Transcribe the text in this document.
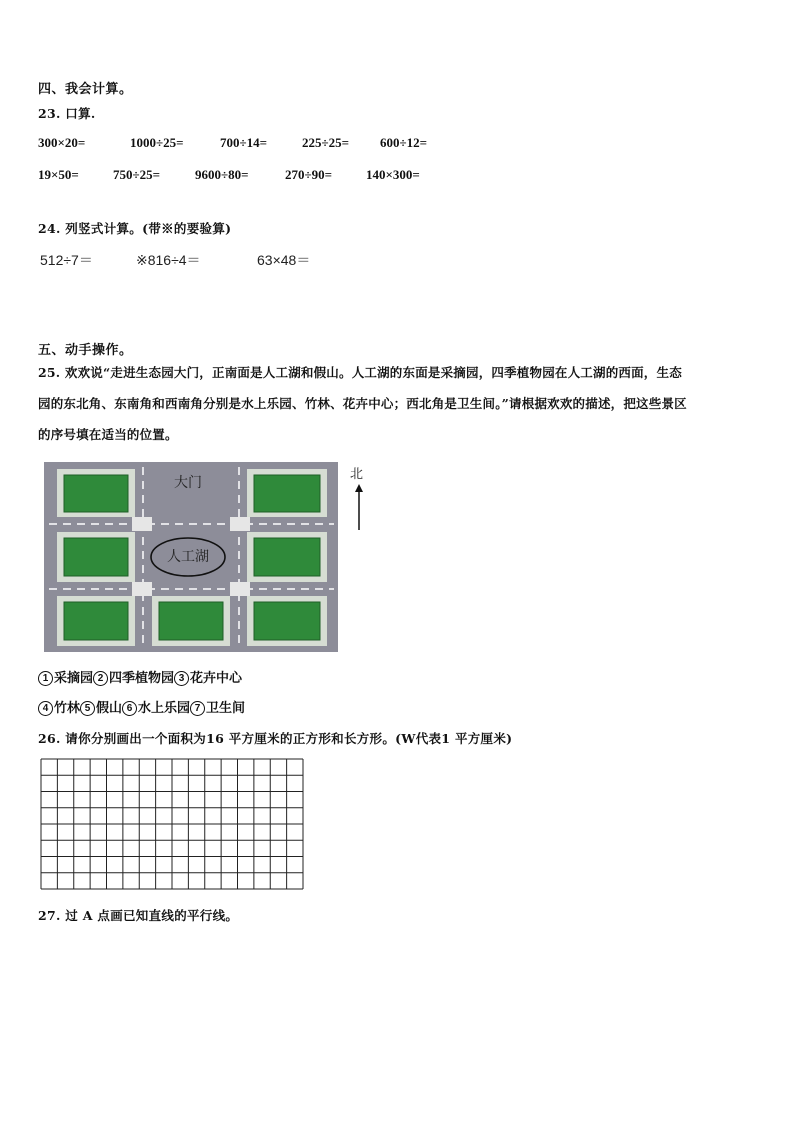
四、我会计算。
23. 口算.
300×20=	1000÷25=	700÷14=	225÷25= 600÷12=
19×50=	750÷25=	9600÷80=	270÷90=	140×300=
24. 列竖式计算。(带※的要验算)
512÷7＝	※816÷4＝	63×48＝
五、动手操作。
25. 欢欢说“走进生态园大门，正南面是人工湖和假山。人工湖的东面是采摘园，四季植物园在人工湖的西面，生态
园的东北角、东南角和西南角分别是水上乐园、竹林、花卉中心；西北角是卫生间。”请根据欢欢的描述，把这些景区
的序号填在适当的位置。
大门
人工湖
北
1 采摘园 2 四季植物园 3 花卉中心
4 竹林 5 假山 6 水上乐园 7 卫生间
26. 请你分别画出一个面积为16 平方厘米的正方形和长方形。(W代表1 平方厘米)
27. 过 A 点画已知直线的平行线。
